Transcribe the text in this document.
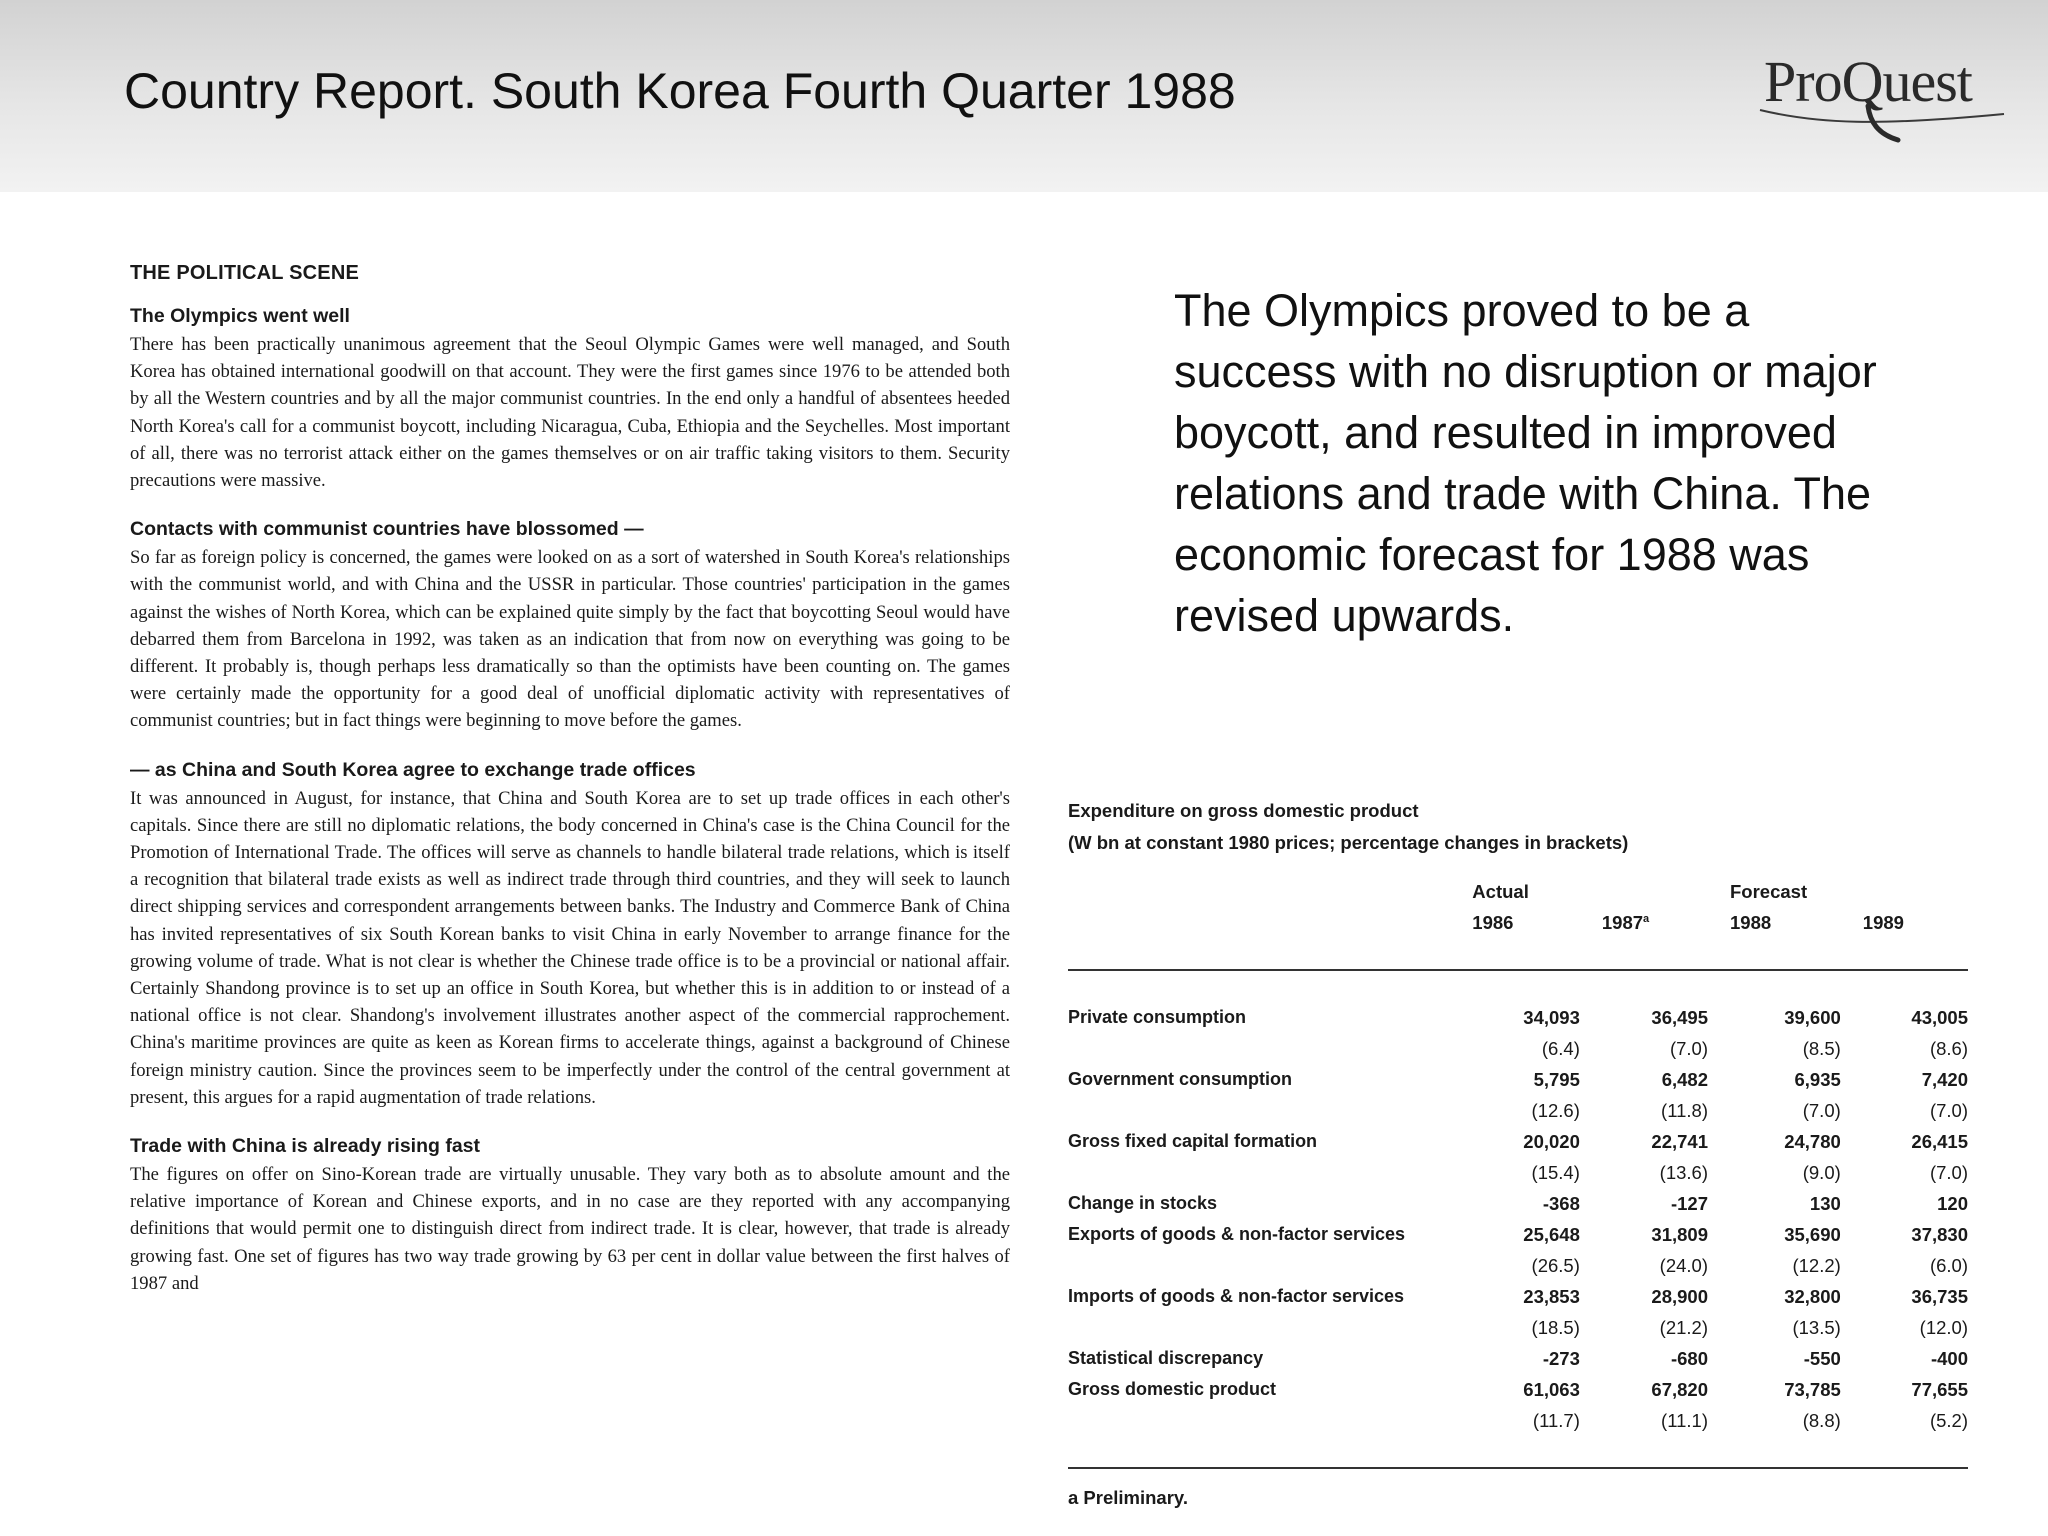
Country Report. South Korea Fourth Quarter 1988	ProQuest
THE POLITICAL SCENE
The Olympics went well

There has been practically unanimous agreement that the Seoul Olympic Games were well managed, and South Korea has obtained international goodwill on that account. They were the first games since 1976 to be attended both by all the Western countries and by all the major communist countries. In the end only a handful of absentees heeded North Korea's call for a communist boycott, including Nicaragua, Cuba, Ethiopia and the Seychelles. Most important of all, there was no terrorist attack either on the games themselves or on air traffic taking visitors to them. Security precautions were massive.

Contacts with communist countries have blossomed —

So far as foreign policy is concerned, the games were looked on as a sort of watershed in South Korea's relationships with the communist world, and with China and the USSR in particular. Those countries' participation in the games against the wishes of North Korea, which can be explained quite simply by the fact that boycotting Seoul would have debarred them from Barcelona in 1992, was taken as an indication that from now on everything was going to be different. It probably is, though perhaps less dramatically so than the optimists have been counting on. The games were certainly made the opportunity for a good deal of unofficial diplomatic activity with representatives of communist countries; but in fact things were beginning to move before the games.

— as China and South Korea agree to exchange trade offices

It was announced in August, for instance, that China and South Korea are to set up trade offices in each other's capitals. Since there are still no diplomatic relations, the body concerned in China's case is the China Council for the Promotion of International Trade. The offices will serve as channels to handle bilateral trade relations, which is itself a recognition that bilateral trade exists as well as indirect trade through third countries, and they will seek to launch direct shipping services and correspondent arrangements between banks. The Industry and Commerce Bank of China has invited representatives of six South Korean banks to visit China in early November to arrange finance for the growing volume of trade. What is not clear is whether the Chinese trade office is to be a provincial or national affair. Certainly Shandong province is to set up an office in South Korea, but whether this is in addition to or instead of a national office is not clear. Shandong's involvement illustrates another aspect of the commercial rapprochement. China's maritime provinces are quite as keen as Korean firms to accelerate things, against a background of Chinese foreign ministry caution. Since the provinces seem to be imperfectly under the control of the central government at present, this argues for a rapid augmentation of trade relations.

Trade with China is already rising fast

The figures on offer on Sino-Korean trade are virtually unusable. They vary both as to absolute amount and the relative importance of Korean and Chinese exports, and in no case are they reported with any accompanying definitions that would permit one to distinguish direct from indirect trade. It is clear, however, that trade is already growing fast. One set of figures has two way trade growing by 63 per cent in dollar value between the first halves of 1987 and

The Olympics proved to be a success with no disruption or major boycott, and resulted in improved relations and trade with China. The economic forecast for 1988 was revised upwards.
Expenditure on gross domestic product
(W bn at constant 1980 prices; percentage changes in brackets)
	Actual		Forecast	
	1986	1987$^a$	1988	1989

Private consumption	34,093	36,495	39,600	43,005
	(6.4)	(7.0)	(8.5)	(8.6)
Government consumption	5,795	6,482	6,935	7,420
	(12.6)	(11.8)	(7.0)	(7.0)
Gross fixed capital formation	20,020	22,741	24,780	26,415
	(15.4)	(13.6)	(9.0)	(7.0)
Change in stocks	-368	-127	130	120
Exports of goods & non-factor services	25,648	31,809	35,690	37,830
	(26.5)	(24.0)	(12.2)	(6.0)
Imports of goods & non-factor services	23,853	28,900	32,800	36,735
	(18.5)	(21.2)	(13.5)	(12.0)
Statistical discrepancy	-273	-680	-550	-400
Gross domestic product	61,063	67,820	73,785	77,655
	(11.7)	(11.1)	(8.8)	(5.2)

a Preliminary.
